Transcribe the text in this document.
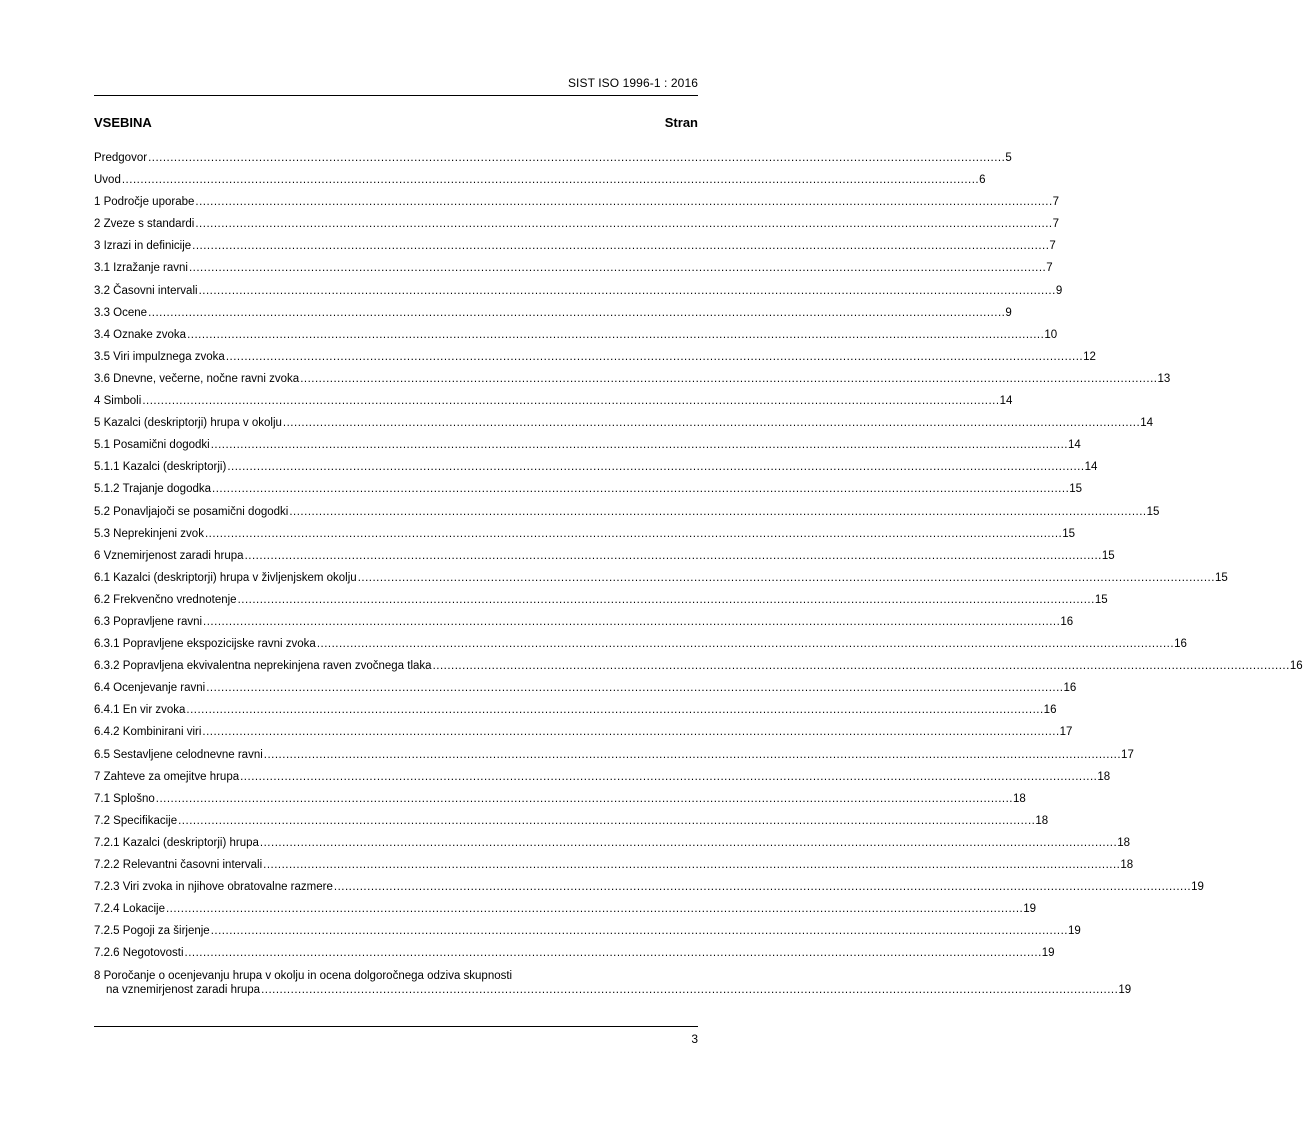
SIST ISO 1996-1 : 2016
VSEBINA	Stran
Predgovor .....	5
Uvod .....	6
1 Področje uporabe .....	7
2 Zveze s standardi .....	7
3 Izrazi in definicije .....	7
3.1 Izražanje ravni .....	7
3.2 Časovni intervali .....	9
3.3 Ocene .....	9
3.4 Oznake zvoka .....	10
3.5 Viri impulznega zvoka .....	12
3.6 Dnevne, večerne, nočne ravni zvoka .....	13
4 Simboli .....	14
5 Kazalci (deskriptorji) hrupa v okolju .....	14
5.1 Posamični dogodki .....	14
5.1.1 Kazalci (deskriptorji) .....	14
5.1.2 Trajanje dogodka .....	15
5.2 Ponavljajoči se posamični dogodki .....	15
5.3 Neprekinjeni zvok .....	15
6 Vznemirjenost zaradi hrupa .....	15
6.1 Kazalci (deskriptorji) hrupa v življenjskem okolju .....	15
6.2 Frekvenčno vrednotenje .....	15
6.3 Popravljene ravni .....	16
6.3.1 Popravljene ekspozicijske ravni zvoka .....	16
6.3.2 Popravljena ekvivalentna neprekinjena raven zvočnega tlaka .....	16
6.4 Ocenjevanje ravni .....	16
6.4.1 En vir zvoka .....	16
6.4.2 Kombinirani viri .....	17
6.5 Sestavljene celodnevne ravni .....	17
7 Zahteve za omejitve hrupa .....	18
7.1 Splošno .....	18
7.2 Specifikacije .....	18
7.2.1 Kazalci (deskriptorji) hrupa .....	18
7.2.2 Relevantni časovni intervali .....	18
7.2.3 Viri zvoka in njihove obratovalne razmere .....	19
7.2.4 Lokacije .....	19
7.2.5 Pogoji za širjenje .....	19
7.2.6 Negotovosti .....	19
8 Poročanje o ocenjevanju hrupa v okolju in ocena dolgoročnega odziva skupnosti
na vznemirjenost zaradi hrupa .....	19
3
